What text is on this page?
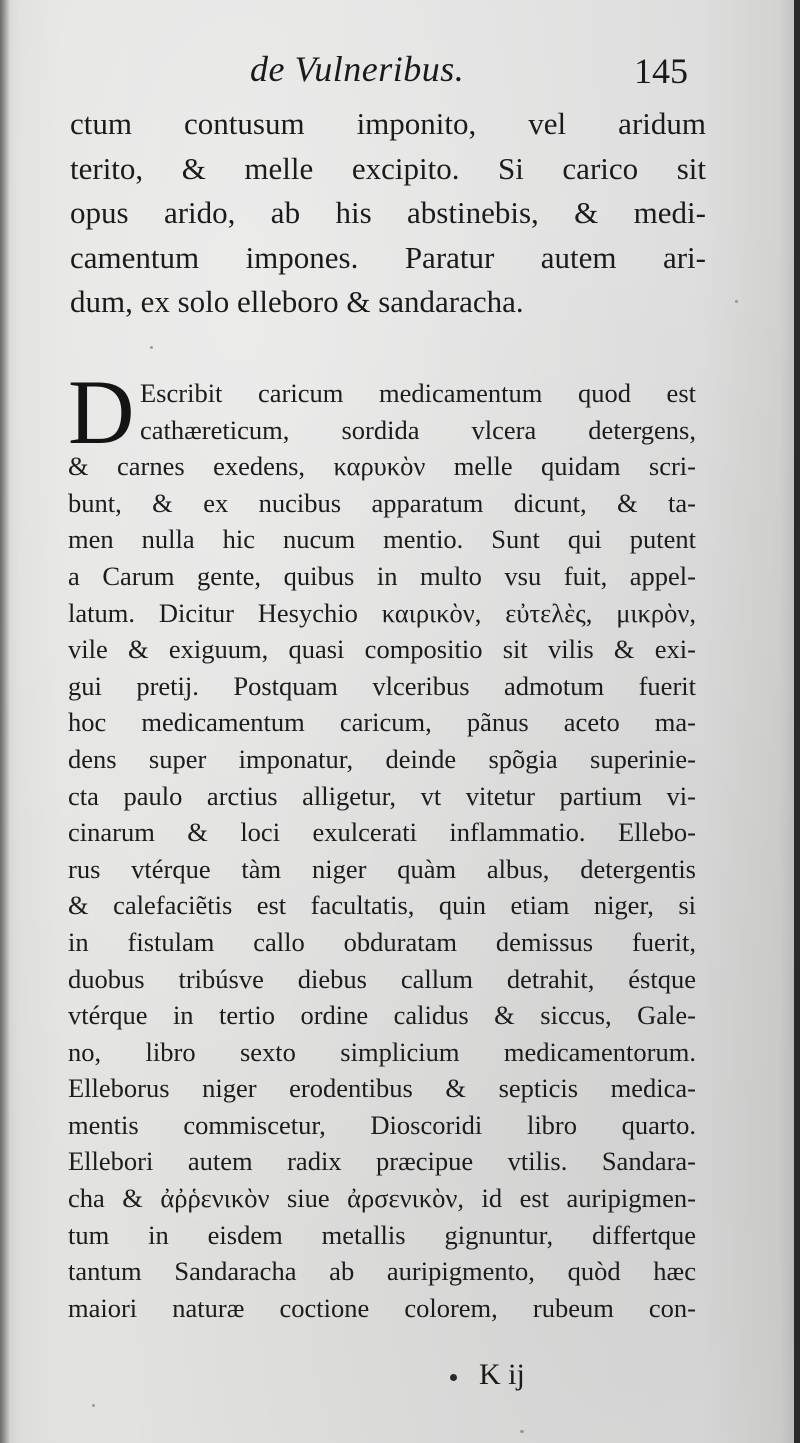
de Vulneribus.	145
ctum contusum imponito, vel aridum
terito, & melle excipito. Si carico sit
opus arido, ab his abstinebis, & medi-
camentum impones. Paratur autem ari-
dum, ex solo elleboro & sandaracha.
D Escribit caricum medicamentum quod est
cathæreticum, sordida vlcera detergens,
& carnes exedens, καρυκὸν melle quidam scri-
bunt, & ex nucibus apparatum dicunt, & ta-
men nulla hic nucum mentio. Sunt qui putent
a Carum gente, quibus in multo vsu fuit, appel-
latum. Dicitur Hesychio καιρικὸν, εὐτελὲς, μικρὸν,
vile & exiguum, quasi compositio sit vilis & exi-
gui pretij. Postquam vlceribus admotum fuerit
hoc medicamentum caricum, pãnus aceto ma-
dens super imponatur, deinde spõgia superinie-
cta paulo arctius alligetur, vt vitetur partium vi-
cinarum & loci exulcerati inflammatio. Ellebo-
rus vtérque tàm niger quàm albus, detergentis
& calefaciẽtis est facultatis, quin etiam niger, si
in fistulam callo obduratam demissus fuerit,
duobus tribúsve diebus callum detrahit, éstque
vtérque in tertio ordine calidus & siccus, Gale-
no, libro sexto simplicium medicamentorum.
Elleborus niger erodentibus & septicis medica-
mentis commiscetur, Dioscoridi libro quarto.
Ellebori autem radix præcipue vtilis. Sandara-
cha & ἀῤῥενικὸν siue ἀρσενικὸν, id est auripigmen-
tum in eisdem metallis gignuntur, differtque
tantum Sandaracha ab auripigmento, quòd hæc
maiori naturæ coctione colorem, rubeum con-
K ij
